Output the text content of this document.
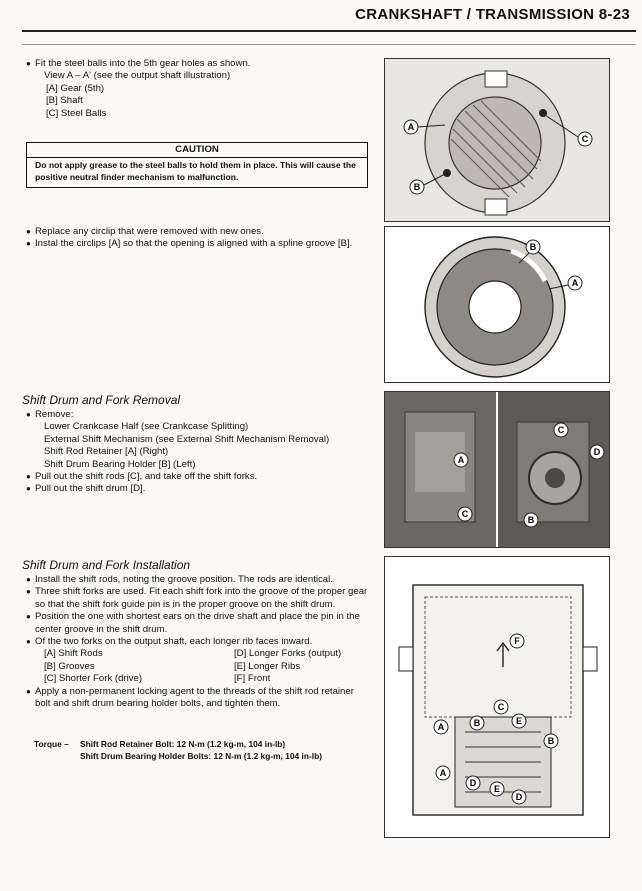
CRANKSHAFT / TRANSMISSION 8-23
● Fit the steel balls into the 5th gear holes as shown.
View A – A' (see the output shaft illustration)
[A] Gear (5th)
[B] Shaft
[C] Steel Balls
CAUTION
Do not apply grease to the steel balls to hold them in place. This will cause the positive neutral finder mechanism to malfunction.
● Replace any circlip that were removed with new ones.
● Instal the circlips [A] so that the opening is aligned with a spline groove [B].
Shift Drum and Fork Removal
● Remove:
Lower Crankcase Half (see Crankcase Splitting)
External Shift Mechanism (see External Shift Mechanism Removal)
Shift Rod Retainer [A] (Right)
Shift Drum Bearing Holder [B] (Left)
● Pull out the shift rods [C], and take off the shift forks.
● Pull out the shift drum [D].
Shift Drum and Fork Installation
● Install the shift rods, noting the groove position. The rods are identical.
● Three shift forks are used. Fit each shift fork into the groove of the proper gear so that the shift fork guide pin is in the proper groove on the shift drum.
● Position the one with shortest ears on the drive shaft and place the pin in the center groove in the shift drum.
● Of the two forks on the output shaft, each longer rib faces inward.
[A] Shift Rods
[B] Grooves
[C] Shorter Fork (drive)
[D] Longer Forks (output)
[E] Longer Ribs
[F] Front
● Apply a non-permanent locking agent to the threads of the shift rod retainer bolt and shift drum bearing holder bolts, and tighten them.
Torque – Shift Rod Retainer Bolt: 12 N-m (1.2 kg-m, 104 in-lb)
Shift Drum Bearing Holder Bolts: 12 N-m (1.2 kg-m, 104 in-lb)
A
B
C
B
A
A
C
C
D
B
F
A	B
C
E
B
A
D
E
D
